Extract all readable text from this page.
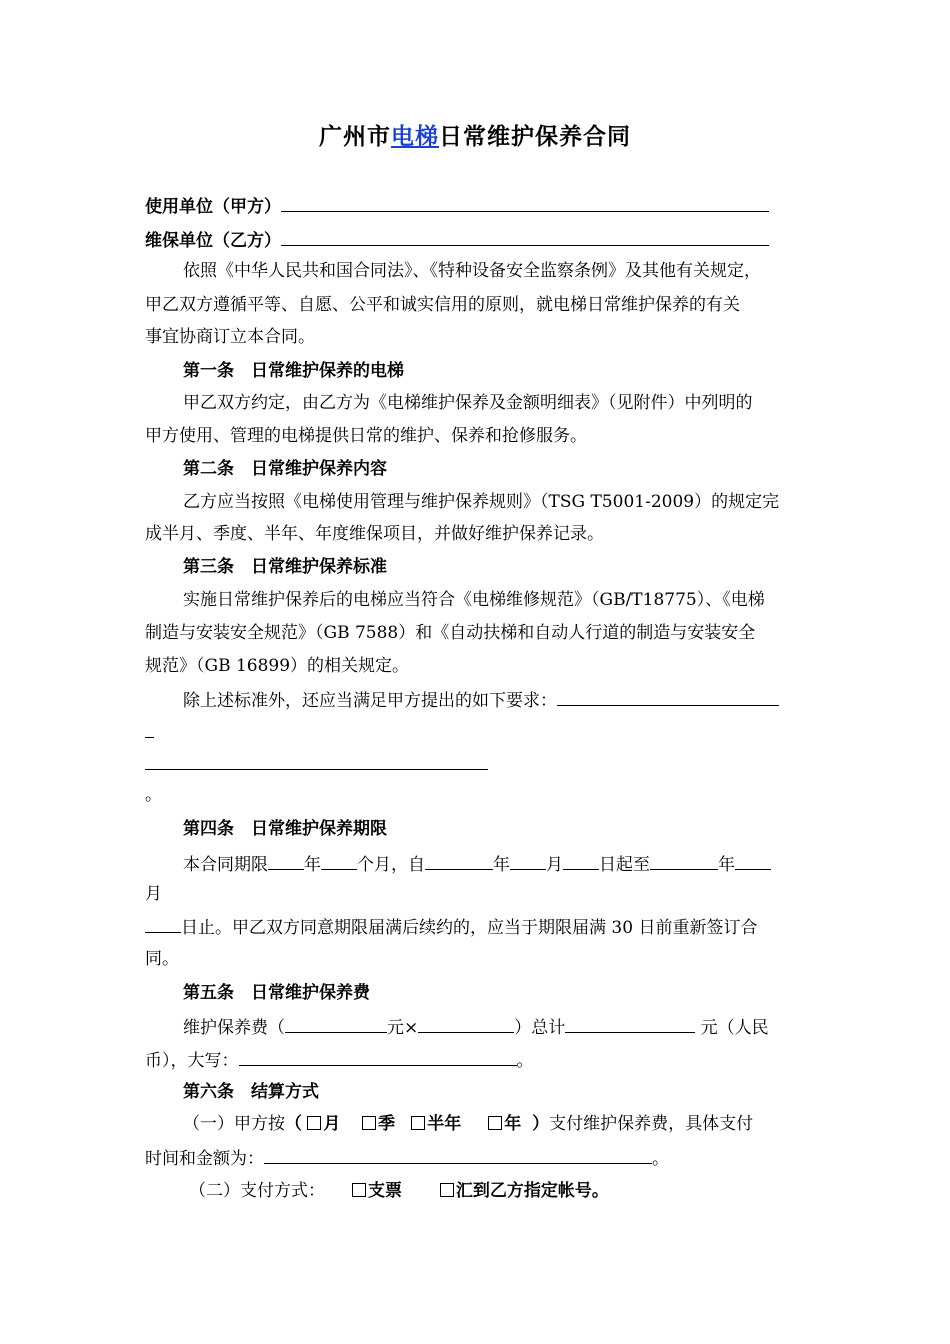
广州市电梯日常维护保养合同
使用单位（甲方）
维保单位（乙方）
依照《中华人民共和国合同法》、《特种设备安全监察条例》及其他有关规定，
甲乙双方遵循平等、自愿、公平和诚实信用的原则，就电梯日常维护保养的有关
事宜协商订立本合同。
第一条　日常维护保养的电梯
甲乙双方约定，由乙方为《电梯维护保养及金额明细表》（见附件）中列明的
甲方使用、管理的电梯提供日常的维护、保养和抢修服务。
第二条　日常维护保养内容
乙方应当按照《电梯使用管理与维护保养规则》（TSG T5001-2009）的规定完
成半月、季度、半年、年度维保项目，并做好维护保养记录。
第三条　日常维护保养标准
实施日常维护保养后的电梯应当符合《电梯维修规范》（GB/T18775）、《电梯
制造与安装安全规范》（GB 7588）和《自动扶梯和自动人行道的制造与安装安全
规范》（GB 16899）的相关规定。
除上述标准外，还应当满足甲方提出的如下要求：
。
第四条　日常维护保养期限
本合同期限 年 个月，自	年 月 日起至	年
月
日止。甲乙双方同意期限届满后续约的，应当于期限届满 30 日前重新签订合
同。
第五条　日常维护保养费
维护保养费（	元×	）总计	元（人民
币），大写：	。
第六条　结算方式
（一）甲方按（ 月 季 半年	年 ）支付维护保养费，具体支付
时间和金额为：	。
（二）支付方式：	支票	汇到乙方指定帐号。
